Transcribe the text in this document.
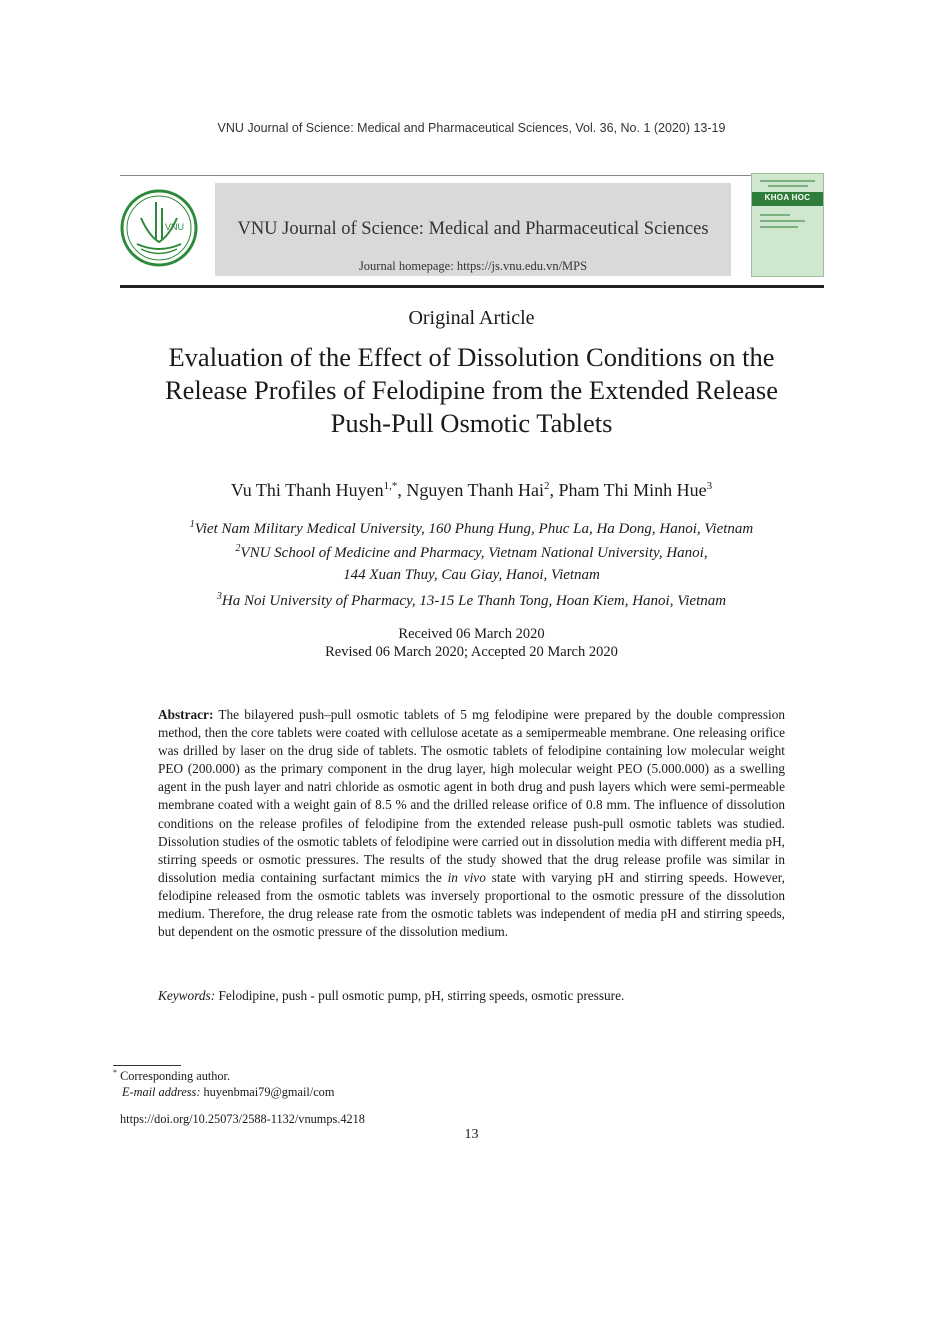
VNU Journal of Science: Medical and Pharmaceutical Sciences, Vol. 36, No. 1 (2020) 13-19
VNU	VNU Journal of Science: Medical and Pharmaceutical Sciences
Journal homepage: https://js.vnu.edu.vn/MPS
KHOA HOC
Original Article
Evaluation of the Effect of Dissolution Conditions on the
Release Profiles of Felodipine from the Extended Release
Push-Pull Osmotic Tablets
Vu Thi Thanh Huyen$^{1,*}$, Nguyen Thanh Hai$^2$, Pham Thi Minh Hue$^3$
$^1$Viet Nam Military Medical University, 160 Phung Hung, Phuc La, Ha Dong, Hanoi, Vietnam
$^2$VNU School of Medicine and Pharmacy, Vietnam National University, Hanoi,
144 Xuan Thuy, Cau Giay, Hanoi, Vietnam
$^3$Ha Noi University of Pharmacy, 13-15 Le Thanh Tong, Hoan Kiem, Hanoi, Vietnam
Received 06 March 2020
Revised 06 March 2020; Accepted 20 March 2020
Abstracr: The bilayered push–pull osmotic tablets of 5 mg felodipine were prepared by the double compression method, then the core tablets were coated with cellulose acetate as a semipermeable membrane. One releasing orifice was drilled by laser on the drug side of tablets. The osmotic tablets of felodipine containing low molecular weight PEO (200.000) as the primary component in the drug layer, high molecular weight PEO (5.000.000) as a swelling agent in the push layer and natri chloride as osmotic agent in both drug and push layers which were semi-permeable membrane coated with a weight gain of 8.5 % and the drilled release orifice of 0.8 mm. The influence of dissolution conditions on the release profiles of felodipine from the extended release push-pull osmotic tablets was studied. Dissolution studies of the osmotic tablets of felodipine were carried out in dissolution media with different media pH, stirring speeds or osmotic pressures. The results of the study showed that the drug release profile was similar in dissolution media containing surfactant mimics the in vivo state with varying pH and stirring speeds. However, felodipine released from the osmotic tablets was inversely proportional to the osmotic pressure of the dissolution medium. Therefore, the drug release rate from the osmotic tablets was independent of media pH and stirring speeds, but dependent on the osmotic pressure of the dissolution medium.
Keywords: Felodipine, push - pull osmotic pump, pH, stirring speeds, osmotic pressure.
* Corresponding author.
E-mail address: huyenbmai79@gmail/com
https://doi.org/10.25073/2588-1132/vnumps.4218
13
